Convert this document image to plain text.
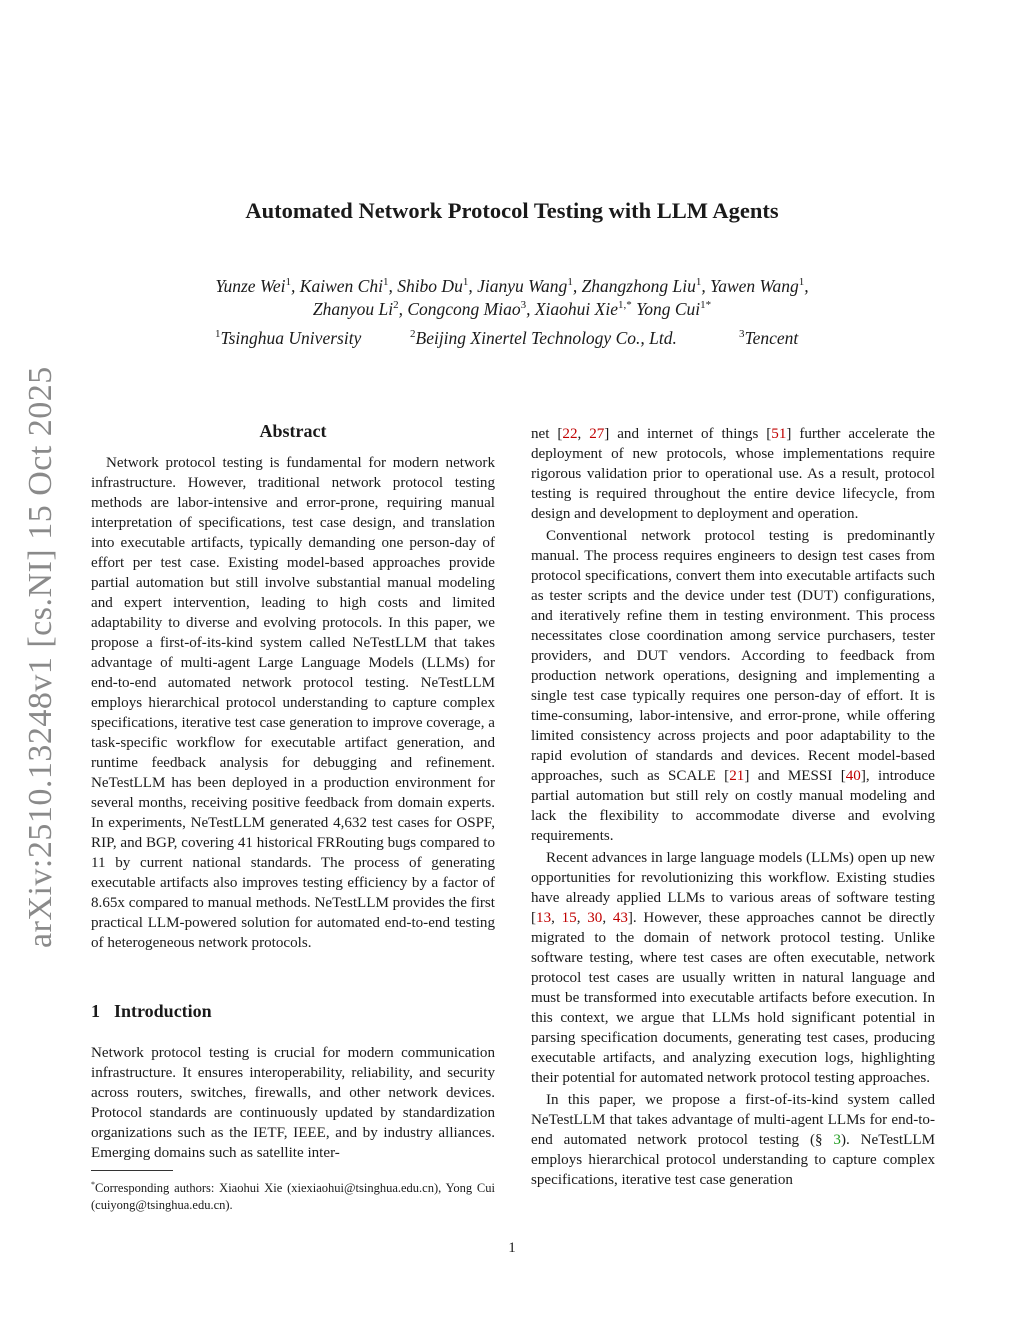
arXiv:2510.13248v1 [cs.NI] 15 Oct 2025
Automated Network Protocol Testing with LLM Agents
Yunze Wei$^1$, Kaiwen Chi$^1$, Shibo Du$^1$, Jianyu Wang$^1$, Zhangzhong Liu$^1$, Yawen Wang$^1$,
Zhanyou Li$^2$, Congcong Miao$^3$, Xiaohui Xie$^{1,*}$ Yong Cui$^{1*}$
$^1$Tsinghua University	$^2$Beijing Xinertel Technology Co., Ltd.	$^3$Tencent
Abstract

Network protocol testing is fundamental for modern network infrastructure. However, traditional network protocol testing methods are labor-intensive and error-prone, requiring manual interpretation of specifications, test case design, and translation into executable artifacts, typically demanding one person-day of effort per test case. Existing model-based approaches provide partial automation but still involve substantial manual modeling and expert intervention, leading to high costs and limited adaptability to diverse and evolving protocols. In this paper, we propose a first-of-its-kind system called NeTestLLM that takes advantage of multi-agent Large Language Models (LLMs) for end-to-end automated network protocol testing. NeTestLLM employs hierarchical protocol understanding to capture complex specifications, iterative test case generation to improve coverage, a task-specific workflow for executable artifact generation, and runtime feedback analysis for debugging and refinement. NeTestLLM has been deployed in a production environment for several months, receiving positive feedback from domain experts. In experiments, NeTestLLM generated 4,632 test cases for OSPF, RIP, and BGP, covering 41 historical FRRouting bugs compared to 11 by current national standards. The process of generating executable artifacts also improves testing efficiency by a factor of 8.65x compared to manual methods. NeTestLLM provides the first practical LLM-powered solution for automated end-to-end testing of heterogeneous network protocols.

1 Introduction

Network protocol testing is crucial for modern communication infrastructure. It ensures interoperability, reliability, and security across routers, switches, firewalls, and other network devices. Protocol standards are continuously updated by standardization organizations such as the IETF, IEEE, and by industry alliances. Emerging domains such as satellite inter-

net [22, 27] and internet of things [51] further accelerate the deployment of new protocols, whose implementations require rigorous validation prior to operational use. As a result, protocol testing is required throughout the entire device lifecycle, from design and development to deployment and operation.

Conventional network protocol testing is predominantly manual. The process requires engineers to design test cases from protocol specifications, convert them into executable artifacts such as tester scripts and the device under test (DUT) configurations, and iteratively refine them in testing environment. This process necessitates close coordination among service purchasers, tester providers, and DUT vendors. According to feedback from production network operations, designing and implementing a single test case typically requires one person-day of effort. It is time-consuming, labor-intensive, and error-prone, while offering limited consistency across projects and poor adaptability to the rapid evolution of standards and devices. Recent model-based approaches, such as SCALE [21] and MESSI [40], introduce partial automation but still rely on costly manual modeling and lack the flexibility to accommodate diverse and evolving requirements.

Recent advances in large language models (LLMs) open up new opportunities for revolutionizing this workflow. Existing studies have already applied LLMs to various areas of software testing [13, 15, 30, 43]. However, these approaches cannot be directly migrated to the domain of network protocol testing. Unlike software testing, where test cases are often executable, network protocol test cases are usually written in natural language and must be transformed into executable artifacts before execution. In this context, we argue that LLMs hold significant potential in parsing specification documents, generating test cases, producing executable artifacts, and analyzing execution logs, highlighting their potential for automated network protocol testing approaches.

In this paper, we propose a first-of-its-kind system called NeTestLLM that takes advantage of multi-agent LLMs for end-to-end automated network protocol testing (§ 3). NeTestLLM employs hierarchical protocol understanding to capture complex specifications, iterative test case generation

*Corresponding authors: Xiaohui Xie (xiexiaohui@tsinghua.edu.cn), Yong Cui (cuiyong@tsinghua.edu.cn).
1
